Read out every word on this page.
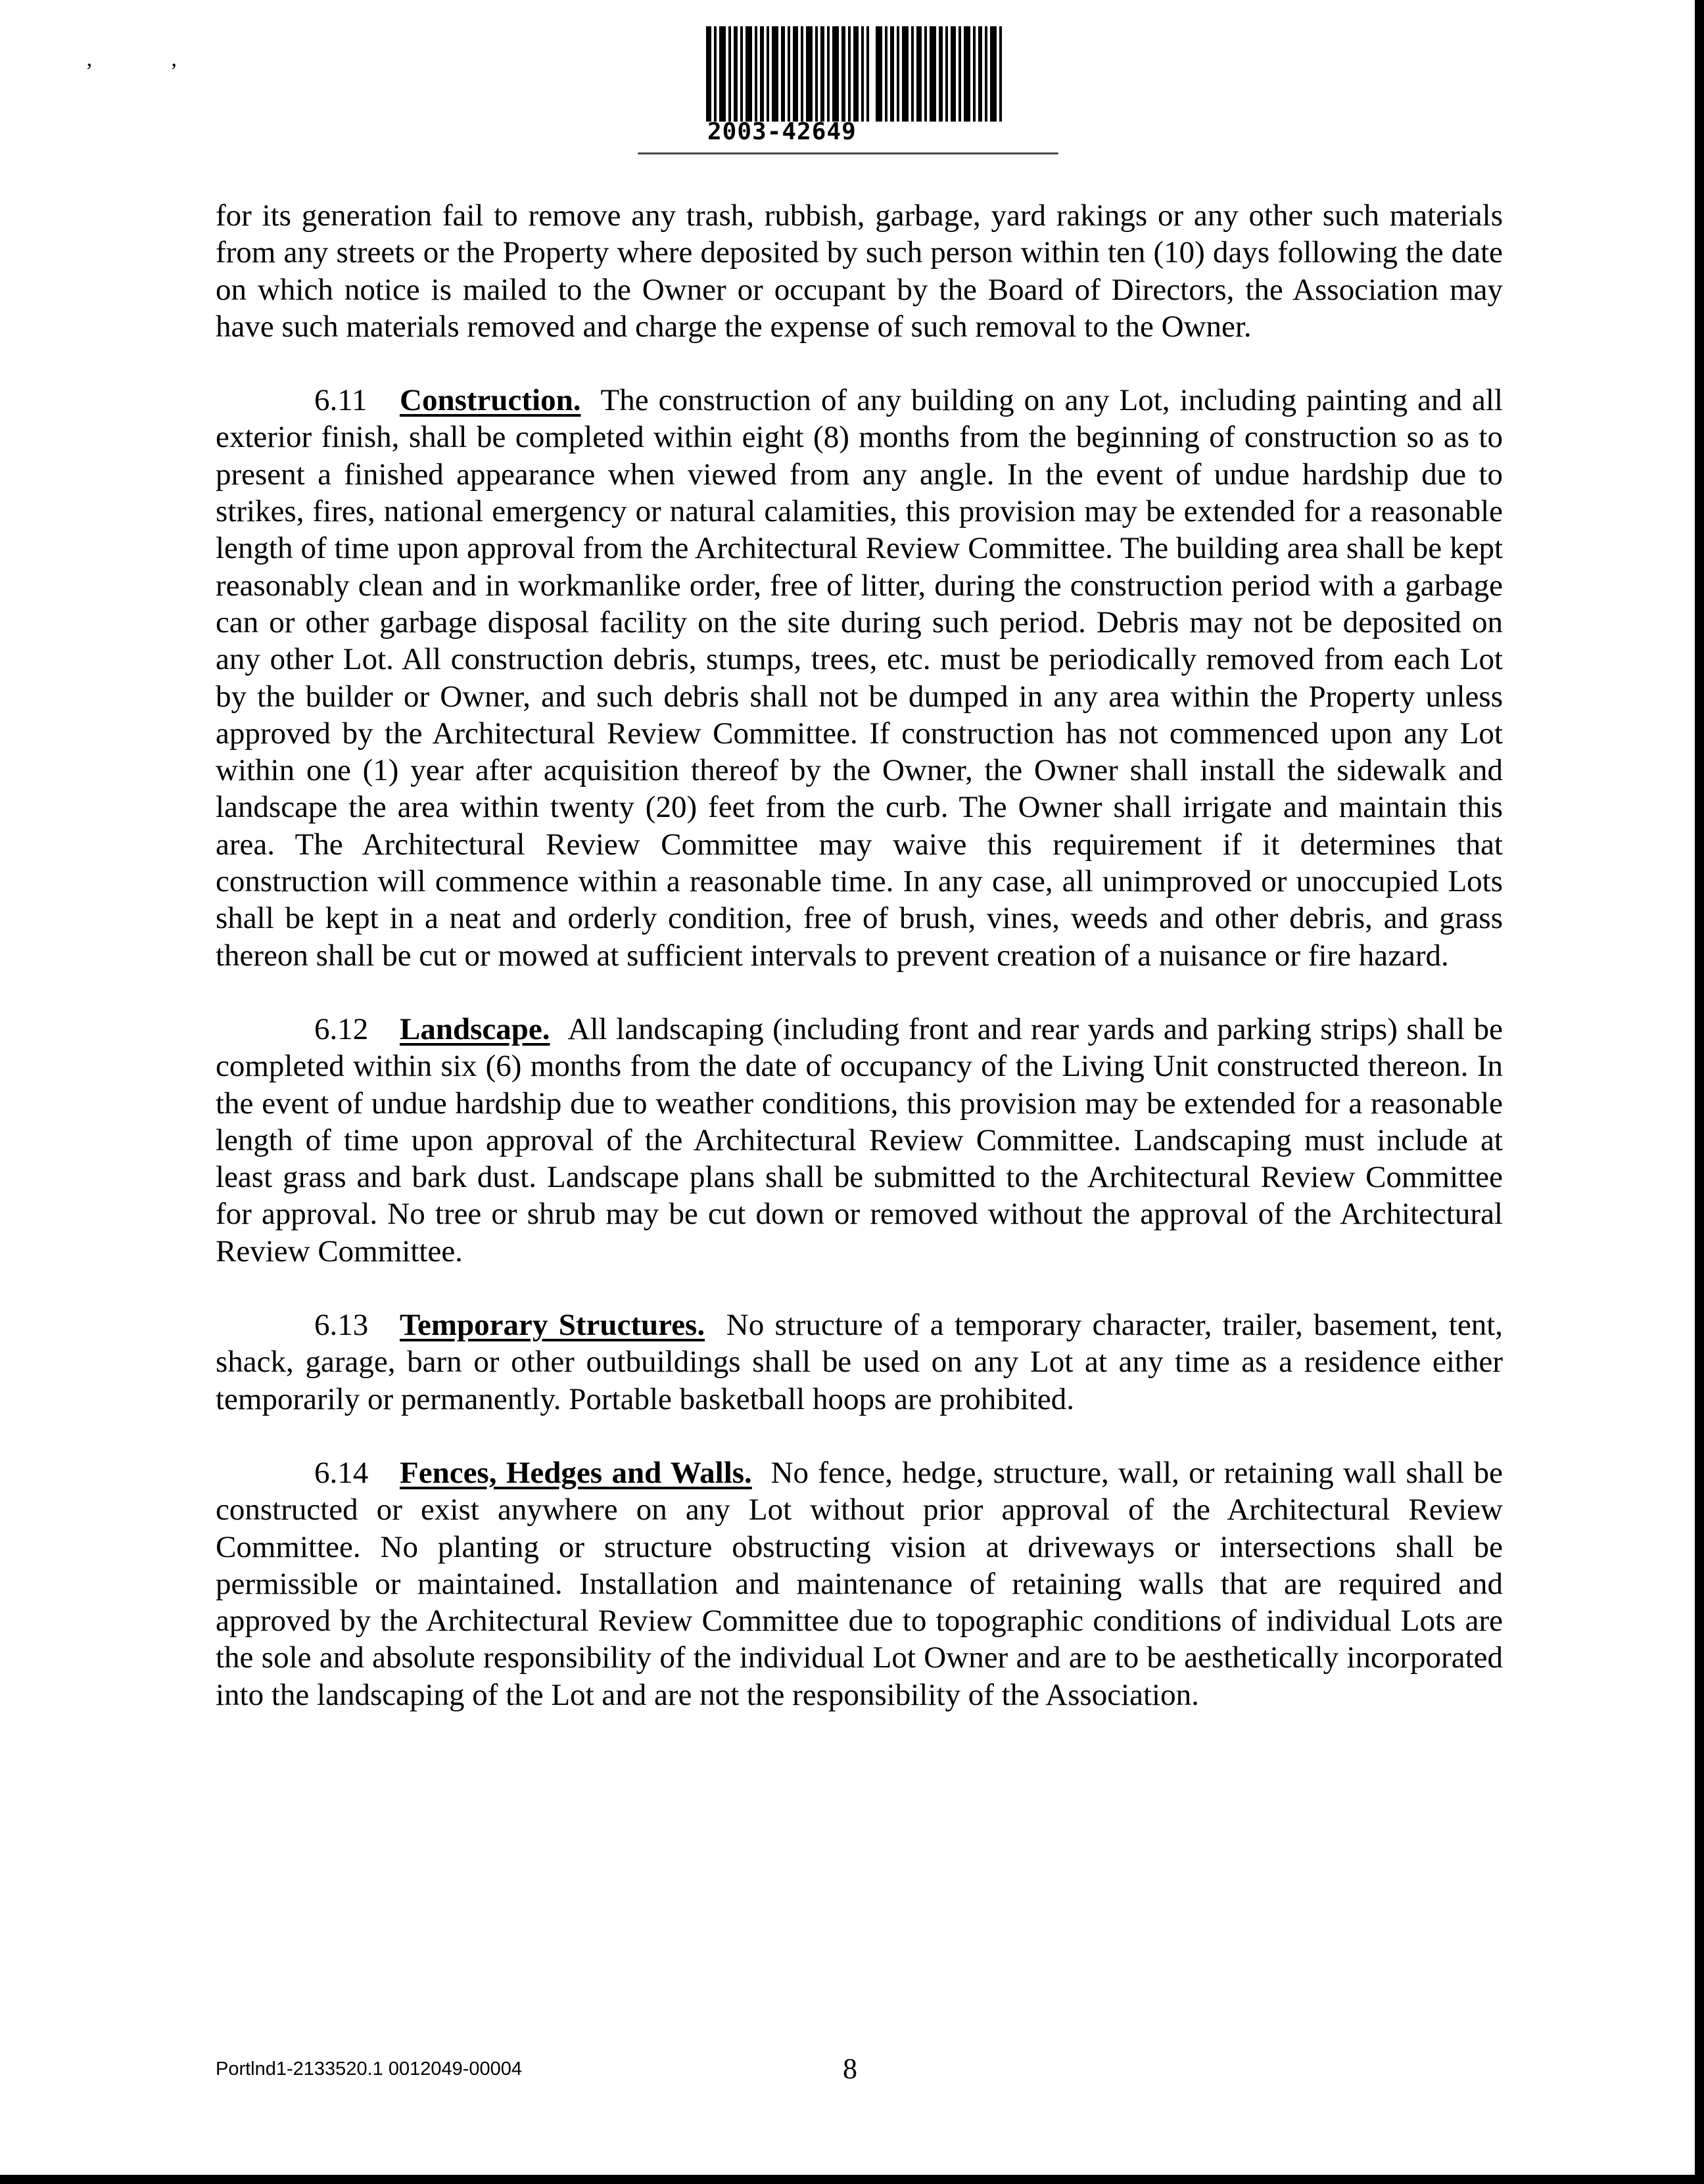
’’
2003-42649

for its generation fail to remove any trash, rubbish, garbage, yard rakings or any other such materials from any streets or the Property where deposited by such person within ten (10) days following the date on which notice is mailed to the Owner or occupant by the Board of Directors, the Association may have such materials removed and charge the expense of such removal to the Owner.

6.11 Construction. The construction of any building on any Lot, including painting and all exterior finish, shall be completed within eight (8) months from the beginning of construction so as to present a finished appearance when viewed from any angle. In the event of undue hardship due to strikes, fires, national emergency or natural calamities, this provision may be extended for a reasonable length of time upon approval from the Architectural Review Committee. The building area shall be kept reasonably clean and in workmanlike order, free of litter, during the construction period with a garbage can or other garbage disposal facility on the site during such period. Debris may not be deposited on any other Lot. All construction debris, stumps, trees, etc. must be periodically removed from each Lot by the builder or Owner, and such debris shall not be dumped in any area within the Property unless approved by the Architectural Review Committee. If construction has not commenced upon any Lot within one (1) year after acquisition thereof by the Owner, the Owner shall install the sidewalk and landscape the area within twenty (20) feet from the curb. The Owner shall irrigate and maintain this area. The Architectural Review Committee may waive this requirement if it determines that construction will commence within a reasonable time. In any case, all unimproved or unoccupied Lots shall be kept in a neat and orderly condition, free of brush, vines, weeds and other debris, and grass thereon shall be cut or mowed at sufficient intervals to prevent creation of a nuisance or fire hazard.

6.12 Landscape. All landscaping (including front and rear yards and parking strips) shall be completed within six (6) months from the date of occupancy of the Living Unit constructed thereon. In the event of undue hardship due to weather conditions, this provision may be extended for a reasonable length of time upon approval of the Architectural Review Committee. Landscaping must include at least grass and bark dust. Landscape plans shall be submitted to the Architectural Review Committee for approval. No tree or shrub may be cut down or removed without the approval of the Architectural Review Committee.

6.13 Temporary Structures. No structure of a temporary character, trailer, basement, tent, shack, garage, barn or other outbuildings shall be used on any Lot at any time as a residence either temporarily or permanently. Portable basketball hoops are prohibited.

6.14 Fences, Hedges and Walls. No fence, hedge, structure, wall, or retaining wall shall be constructed or exist anywhere on any Lot without prior approval of the Architectural Review Committee. No planting or structure obstructing vision at driveways or intersections shall be permissible or maintained. Installation and maintenance of retaining walls that are required and approved by the Architectural Review Committee due to topographic conditions of individual Lots are the sole and absolute responsibility of the individual Lot Owner and are to be aesthetically incorporated into the landscaping of the Lot and are not the responsibility of the Association.

Portlnd1-2133520.1 0012049-00004	8
